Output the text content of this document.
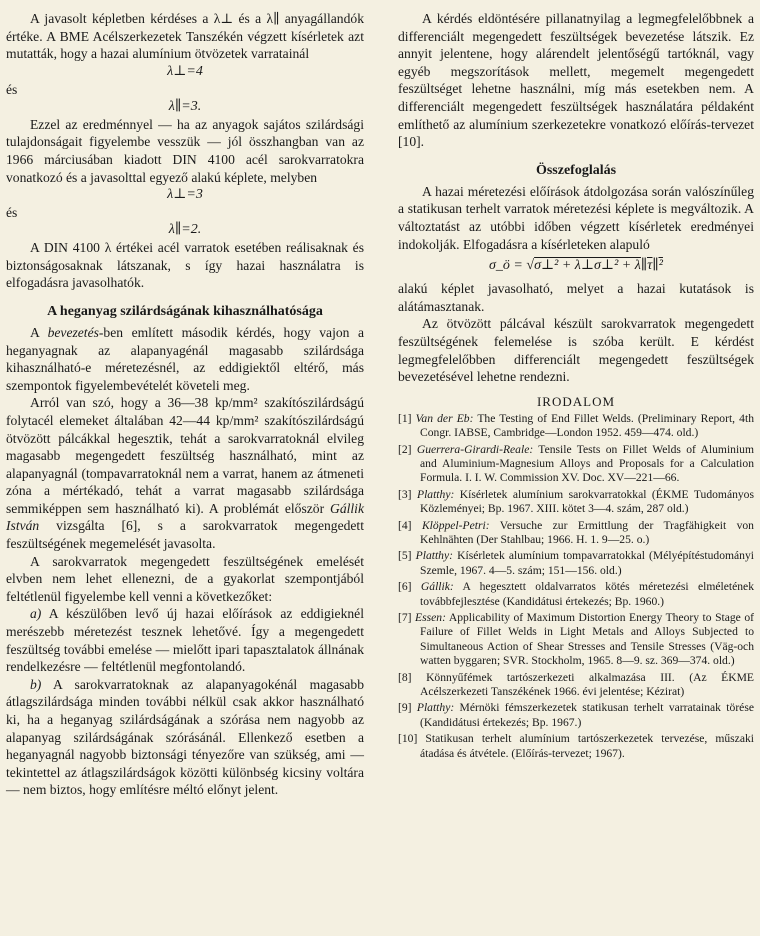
A javasolt képletben kérdéses a λ⊥ és a λ∥ anyagállandók értéke. A BME Acélszerkezetek Tanszékén végzett kísérletek azt mutatták, hogy a hazai alumínium ötvözetek varratainál

λ⊥=4

és

λ∥=3.

Ezzel az eredménnyel — ha az anyagok sajátos szilárdsági tulajdonságait figyelembe vesszük — jól összhangban van az 1966 márciusában kiadott DIN 4100 acél sarokvarratokra vonatkozó és a javasolttal egyező alakú képlete, melyben

λ⊥=3

és

λ∥=2.

A DIN 4100 λ értékei acél varratok esetében reálisaknak és biztonságosaknak látszanak, s így hazai használatra is elfogadásra javasolhatók.

A heganyag szilárdságának kihasználhatósága

A bevezetés-ben említett második kérdés, hogy vajon a heganyagnak az alapanyagénál magasabb szilárdsága kihasználható-e méretezésnél, az eddigiektől eltérő, más szempontok figyelembevételét követeli meg.

Arról van szó, hogy a 36—38 kp/mm² szakítószilárdságú folytacél elemeket általában 42—44 kp/mm² szakítószilárdságú ötvözött pálcákkal hegesztik, tehát a sarokvarratoknál elvileg magasabb megengedett feszültség használható, mint az alapanyagnál (tompavarratoknál nem a varrat, hanem az átmeneti zóna a mértékadó, tehát a varrat magasabb szilárdsága semmiképpen sem használható ki). A problémát először Gállik István vizsgálta [6], s a sarokvarratok megengedett feszültségének megemelését javasolta.

A sarokvarratok megengedett feszültségének emelését elvben nem lehet ellenezni, de a gyakorlat szempontjából feltétlenül figyelembe kell venni a következőket:

a) A készülőben levő új hazai előírások az eddigieknél merészebb méretezést tesznek lehetővé. Így a megengedett feszültség további emelése — mielőtt ipari tapasztalatok állnának rendelkezésre — feltétlenül megfontolandó.

b) A sarokvarratoknak az alapanyagokénál magasabb átlagszilárdsága minden további nélkül csak akkor használható ki, ha a heganyag szilárdságának a szórása nem nagyobb az alapanyag szilárdságának szórásánál. Ellenkező esetben a heganyagnál nagyobb biztonsági tényezőre van szükség, ami — tekintettel az átlagszilárdságok közötti különbség kicsiny voltára — nem biztos, hogy említésre méltó előnyt jelent.

A kérdés eldöntésére pillanatnyilag a legmegfelelőbbnek a differenciált megengedett feszültségek bevezetése látszik. Ez annyit jelentene, hogy alárendelt jelentőségű tartóknál, vagy egyéb megszorítások mellett, megemelt megengedett feszültséget lehetne használni, míg más esetekben nem. A differenciált megengedett feszültségek használatára példaként említhető az alumínium szerkezetekre vonatkozó előírás-tervezet [10].

Összefoglalás

A hazai méretezési előírások átdolgozása során valószínűleg a statikusan terhelt varratok méretezési képlete is megváltozik. A változtatást az utóbbi időben végzett kísérletek eredményei indokolják. Elfogadásra a kísérleteken alapuló

σ_ö = √σ⊥² + λ⊥σ⊥² + λ∥τ∥²

alakú képlet javasolható, melyet a hazai kutatások is alátámasztanak.

Az ötvözött pálcával készült sarokvarratok megengedett feszültségének felemelése is szóba került. E kérdést legmegfelelőbben differenciált megengedett feszültségek bevezetésével lehetne rendezni.

IRODALOM
[1] Van der Eb: The Testing of End Fillet Welds. (Preliminary Report, 4th Congr. IABSE, Cambridge—London 1952. 459—474. old.)
[2] Guerrera-Girardi-Reale: Tensile Tests on Fillet Welds of Aluminium and Aluminium-Magnesium Alloys and Proposals for a Calculation Formula. I. I. W. Commission XV. Doc. XV—221—66.
[3] Platthy: Kísérletek alumínium sarokvarratokkal (ÉKME Tudományos Közleményei; Bp. 1967. XIII. kötet 3—4. szám, 287 old.)
[4] Klöppel-Petri: Versuche zur Ermittlung der Tragfähigkeit von Kehlnähten (Der Stahlbau; 1966. H. 1. 9—25. o.)
[5] Platthy: Kísérletek alumínium tompavarratokkal (Mélyépítéstudományi Szemle, 1967. 4—5. szám; 151—156. old.)
[6] Gállik: A hegesztett oldalvarratos kötés méretezési elméletének továbbfejlesztése (Kandidátusi értekezés; Bp. 1960.)
[7] Essen: Applicability of Maximum Distortion Energy Theory to Stage of Failure of Fillet Welds in Light Metals and Alloys Subjected to Simultaneous Action of Shear Stresses and Tensile Stresses (Väg-och watten byggaren; SVR. Stockholm, 1965. 8—9. sz. 369—374. old.)
[8] Könnyűfémek tartószerkezeti alkalmazása III. (Az ÉKME Acélszerkezeti Tanszékének 1966. évi jelentése; Kézirat)
[9] Platthy: Mérnöki fémszerkezetek statikusan terhelt varratainak törése (Kandidátusi értekezés; Bp. 1967.)
[10] Statikusan terhelt alumínium tartószerkezetek tervezése, műszaki átadása és átvétele. (Előírás-tervezet; 1967).
